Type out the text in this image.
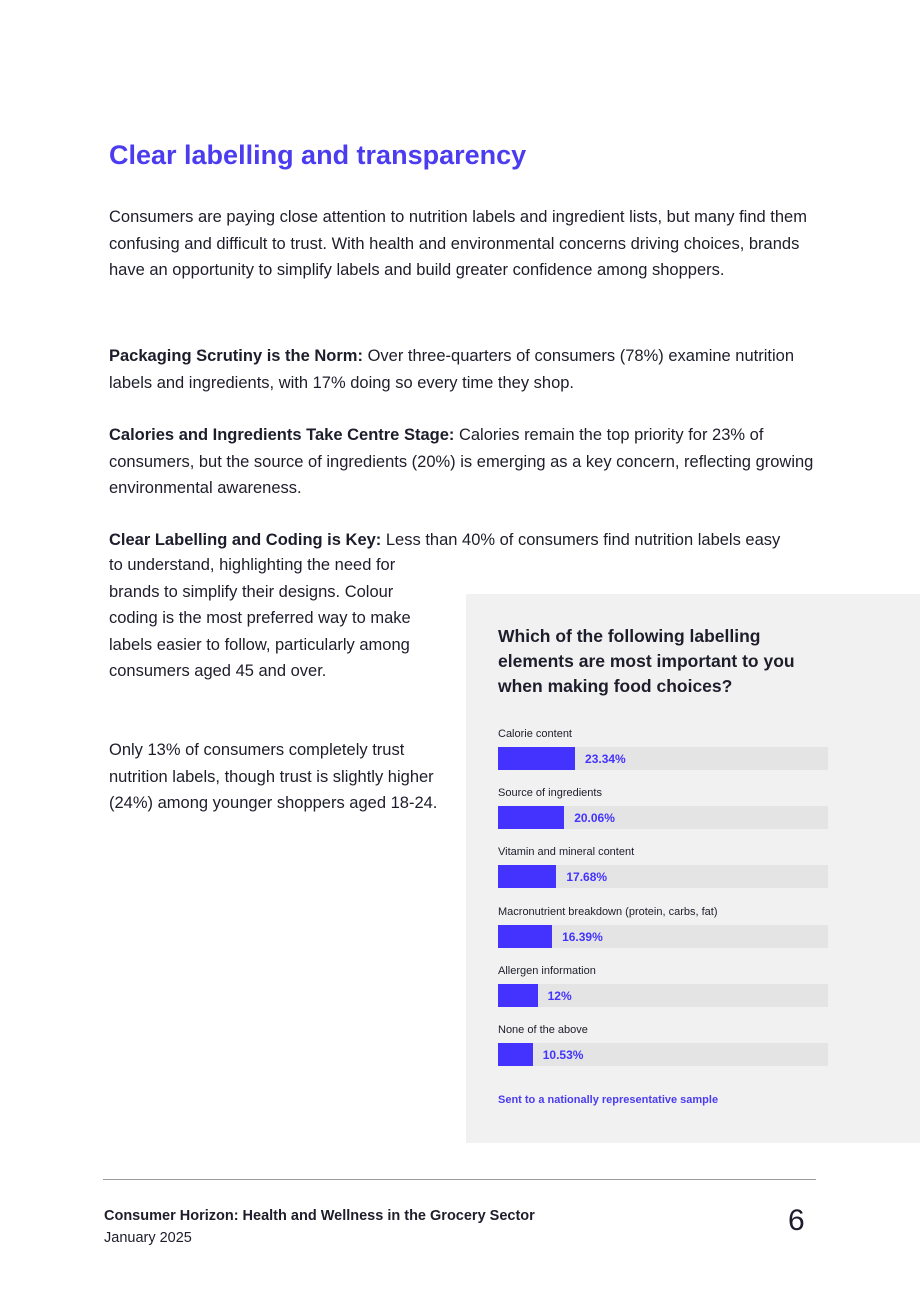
Clear labelling and transparency

Consumers are paying close attention to nutrition labels and ingredient lists, but many find them confusing and difficult to trust. With health and environmental concerns driving choices, brands have an opportunity to simplify labels and build greater confidence among shoppers.

Packaging Scrutiny is the Norm: Over three-quarters of consumers (78%) examine nutrition labels and ingredients, with 17% doing so every time they shop.

Calories and Ingredients Take Centre Stage: Calories remain the top priority for 23% of consumers, but the source of ingredients (20%) is emerging as a key concern, reflecting growing environmental awareness.

Clear Labelling and Coding is Key: Less than 40% of consumers find nutrition labels easy

to understand, highlighting the need for brands to simplify their designs. Colour coding is the most preferred way to make labels easier to follow, particularly among consumers aged 45 and over.

Only 13% of consumers completely trust nutrition labels, though trust is slightly higher (24%) among younger shoppers aged 18-24.

Which of the following labelling elements are most important to you when making food choices?

Calorie content
23.34%
Source of ingredients
20.06%
Vitamin and mineral content
17.68%
Macronutrient breakdown (protein, carbs, fat)
16.39%
Allergen information
12%
None of the above
10.53%
Sent to a nationally representative sample
Consumer Horizon: Health and Wellness in the Grocery Sector
January 2025
6
